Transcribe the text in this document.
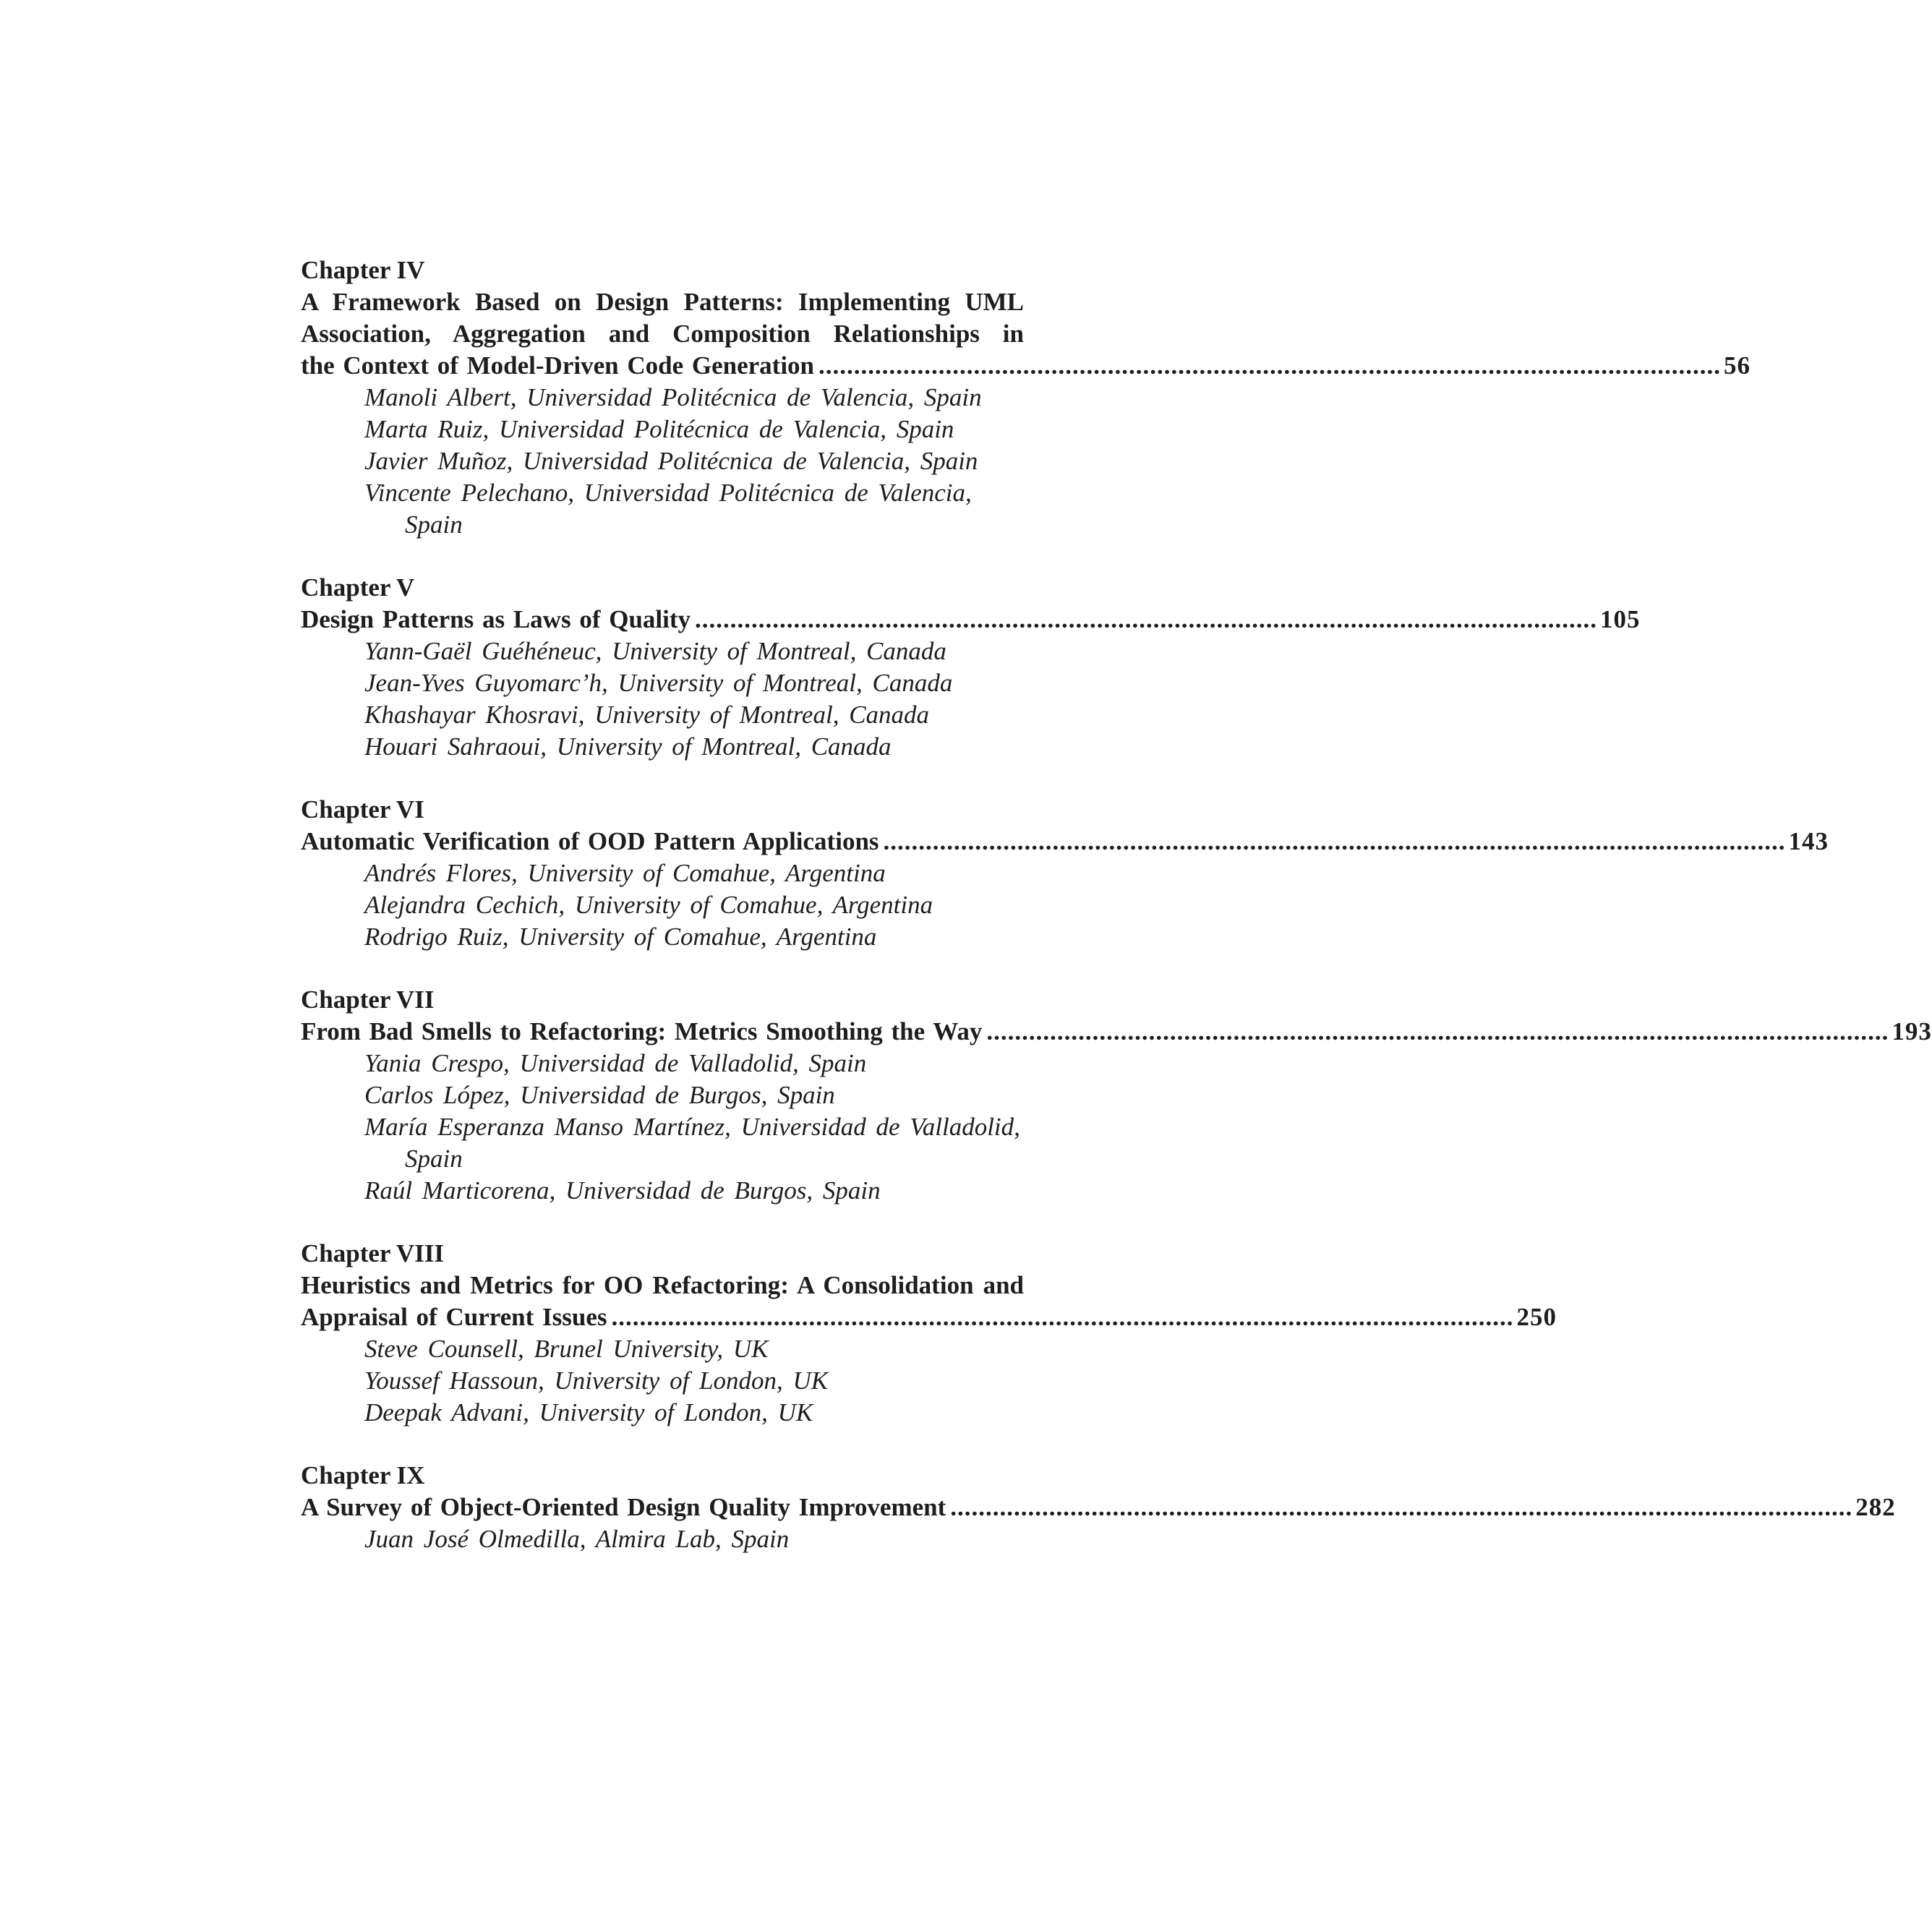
Chapter IV
A Framework Based on Design Patterns: Implementing UML
Association, Aggregation and Composition Relationships in
the Context of Model-Driven Code Generation ................................................................................................................................ 56
Manoli Albert, Universidad Politécnica de Valencia, Spain
Marta Ruiz, Universidad Politécnica de Valencia, Spain
Javier Muñoz, Universidad Politécnica de Valencia, Spain
Vincente Pelechano, Universidad Politécnica de Valencia,
Spain
Chapter V
Design Patterns as Laws of Quality ................................................................................................................................ 105
Yann-Gaël Guéhéneuc, University of Montreal, Canada
Jean-Yves Guyomarc’h, University of Montreal, Canada
Khashayar Khosravi, University of Montreal, Canada
Houari Sahraoui, University of Montreal, Canada
Chapter VI
Automatic Verification of OOD Pattern Applications ................................................................................................................................ 143
Andrés Flores, University of Comahue, Argentina
Alejandra Cechich, University of Comahue, Argentina
Rodrigo Ruiz, University of Comahue, Argentina
Chapter VII
From Bad Smells to Refactoring: Metrics Smoothing the Way ................................................................................................................................ 193
Yania Crespo, Universidad de Valladolid, Spain
Carlos López, Universidad de Burgos, Spain
María Esperanza Manso Martínez, Universidad de Valladolid,
Spain
Raúl Marticorena, Universidad de Burgos, Spain
Chapter VIII
Heuristics and Metrics for OO Refactoring: A Consolidation and
Appraisal of Current Issues ................................................................................................................................ 250
Steve Counsell, Brunel University, UK
Youssef Hassoun, University of London, UK
Deepak Advani, University of London, UK
Chapter IX
A Survey of Object-Oriented Design Quality Improvement ................................................................................................................................ 282
Juan José Olmedilla, Almira Lab, Spain
